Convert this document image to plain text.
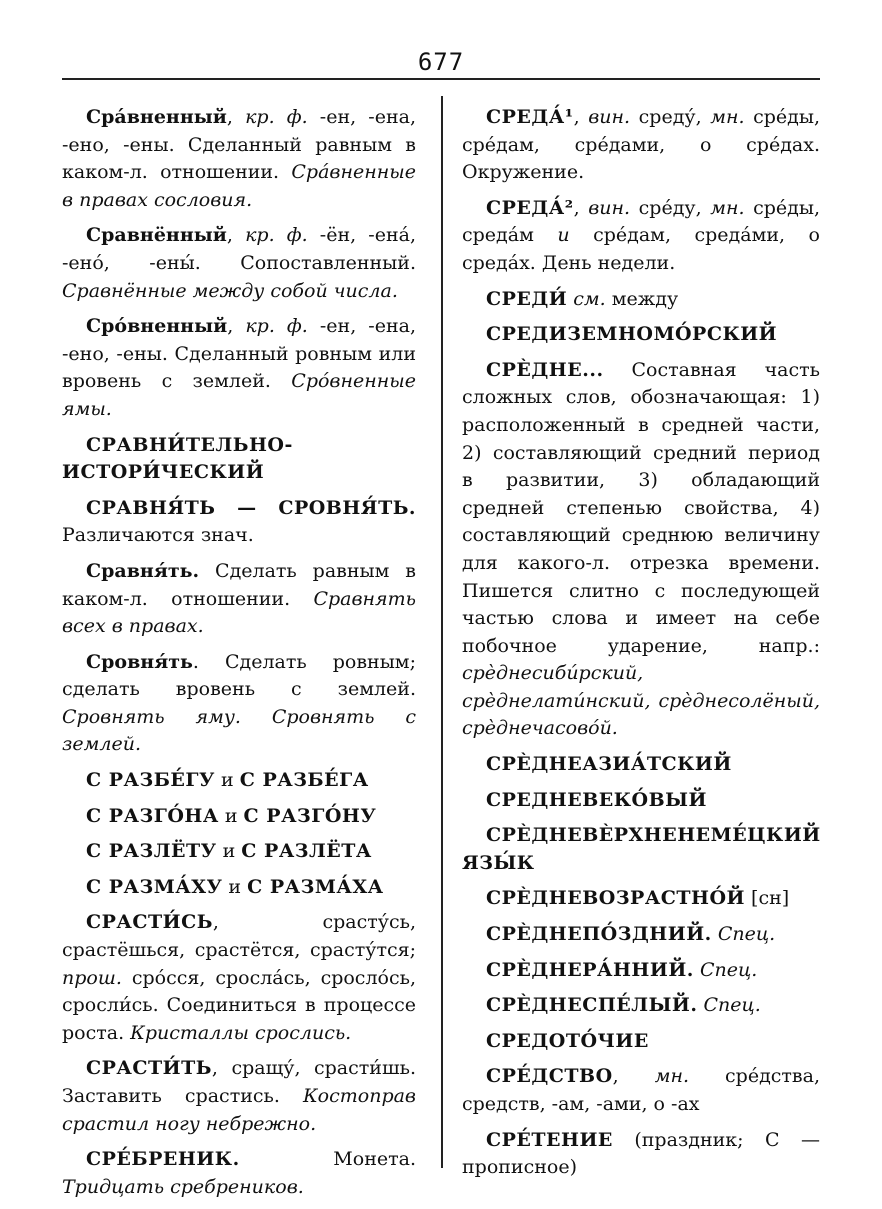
677

Сра́вненный, кр. ф. -ен, -ена, -ено, -ены. Сделанный равным в каком-л. отношении. Сра́вненные в правах сословия.

Сравнённый, кр. ф. -ён, -ена́, -ено́, -ены́. Сопоставленный. Сравнённые между собой числа.

Сро́вненный, кр. ф. -ен, -ена, -ено, -ены. Сделанный ровным или вровень с землей. Сро́вненные ямы.

СРАВНИ́ТЕЛЬНО-ИСТОРИ́ЧЕСКИЙ

СРАВНЯ́ТЬ — СРОВНЯ́ТЬ. Различаются знач.

Сравня́ть. Сделать равным в каком-л. отношении. Сравнять всех в правах.

Сровня́ть. Сделать ровным; сделать вровень с землей. Сровнять яму. Сровнять с землей.

С РАЗБЕ́ГУ и С РАЗБЕ́ГА

С РАЗГО́НА и С РАЗГО́НУ

С РАЗЛЁТУ и С РАЗЛЁТА

С РАЗМА́ХУ и С РАЗМА́ХА

СРАСТИ́СЬ, срасту́сь, срастёшься, срастётся, срасту́тся; прош. сро́сся, сросла́сь, сросло́сь, сросли́сь. Соединиться в процессе роста. Кристаллы срослись.

СРАСТИ́ТЬ, сращу́, срасти́шь. Заставить срастись. Костоправ срастил ногу небрежно.

СРЕ́БРЕНИК. Монета. Тридцать сребреников.

СРЕДА́¹, вин. среду́, мн. сре́ды, сре́дам, сре́дами, о сре́дах. Окружение.

СРЕДА́², вин. сре́ду, мн. сре́ды, среда́м и сре́дам, среда́ми, о среда́х. День недели.

СРЕДИ́ см. между

СРЕДИЗЕМНОМО́РСКИЙ

СРЀДНЕ... Составная часть сложных слов, обозначающая: 1) расположенный в средней части, 2) составляющий средний период в развитии, 3) обладающий средней степенью свойства, 4) составляющий среднюю величину для какого-л. отрезка времени. Пишется слитно с последующей частью слова и имеет на себе побочное ударение, напр.: срѐднесиби́рский, срѐднелати́нский, срѐднесолёный, срѐднечасово́й.

СРЀДНЕАЗИА́ТСКИЙ

СРЕДНЕВЕКО́ВЫЙ

СРЀДНЕВЀРХНЕНЕМЕ́ЦКИЙ ЯЗЫ́К

СРЀДНЕВОЗРАСТНО́Й [сн]

СРЀДНЕПО́ЗДНИЙ. Спец.

СРЀДНЕРА́ННИЙ. Спец.

СРЀДНЕСПЕ́ЛЫЙ. Спец.

СРЕДОТО́ЧИЕ

СРЕ́ДСТВО, мн. сре́дства, средств, -ам, -ами, о -ах

СРЕ́ТЕНИЕ (праздник; С — прописное)
